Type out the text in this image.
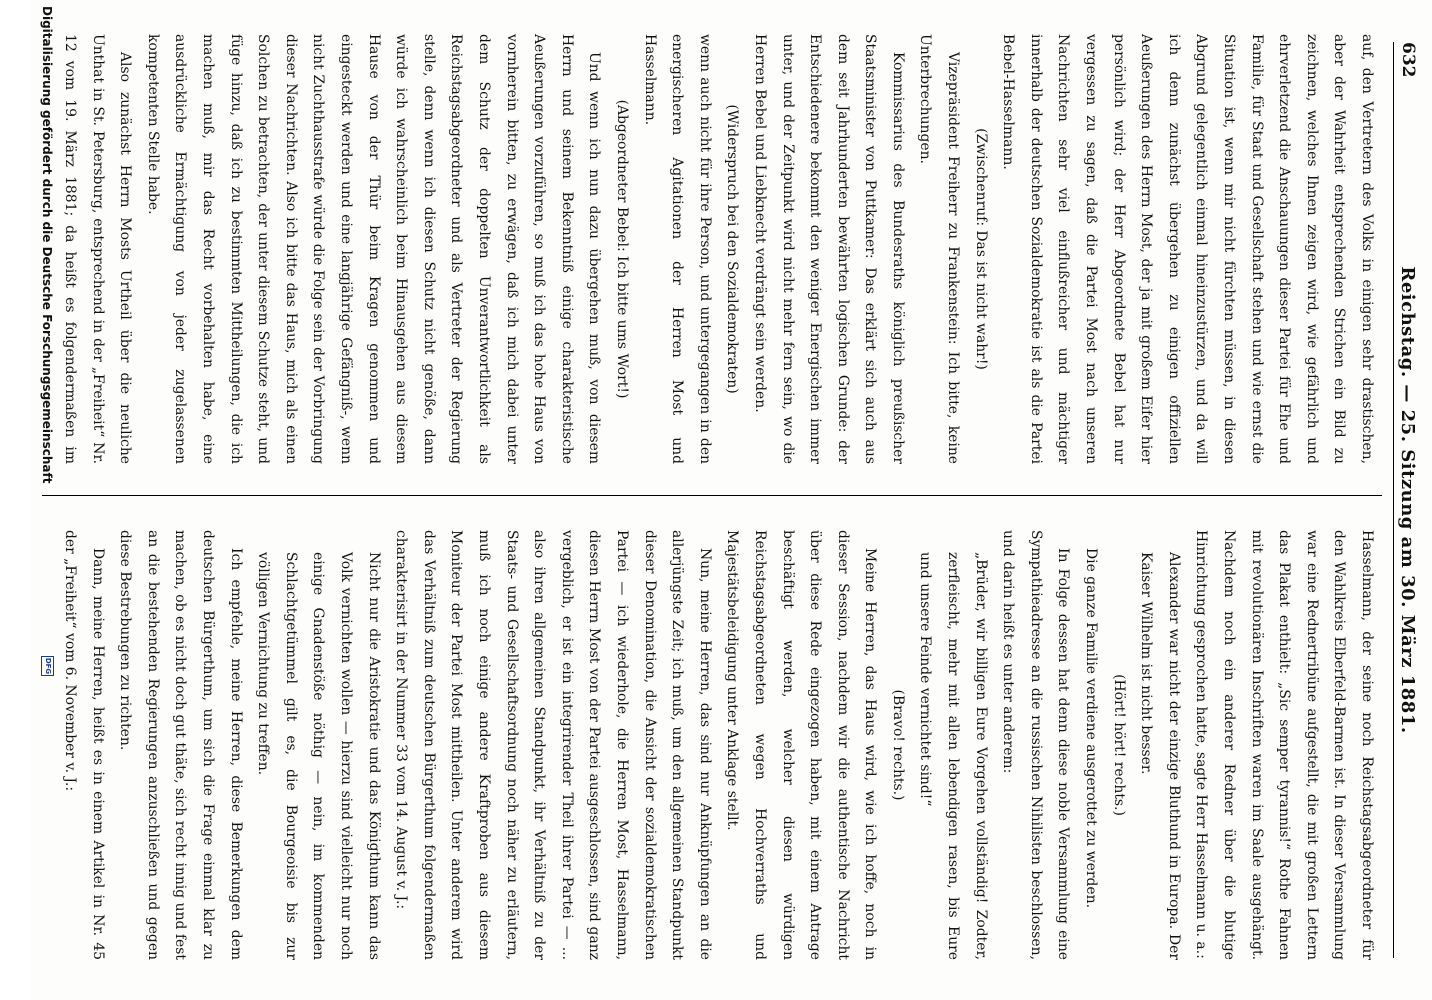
632
Reichstag. — 25. Sitzung am 30. März 1881.

auf, den Vertretern des Volks in einigen sehr drastischen, aber der Wahrheit entsprechenden Strichen ein Bild zu zeichnen, welches Ihnen zeigen wird, wie gefährlich und ehrverletzend die Anschauungen dieser Partei für Ehe und Familie, für Staat und Gesellschaft stehen und wie ernst die Situation ist, wenn mir nicht fürchten müssen, in diesen Abgrund gelegentlich einmal hineinzustürzen, und da will ich denn zunächst übergehen zu einigen offiziellen Aeußerungen des Herrn Most, der ja mit großem Eifer hier persönlich wird; der Herr Abgeordnete Bebel hat nur vergessen zu sagen, daß die Partei Most nach unseren Nachrichten sehr viel einflußreicher und mächtiger innerhalb der deutschen Sozialdemokratie ist als die Partei Bebel-Hasselmann.

(Zwischenruf: Das ist nicht wahr!)

Vizepräsident Freiherr zu Frankenstein: Ich bitte, keine Unterbrechungen.

Kommissarius des Bundesraths königlich preußischer Staatsminister von Puttkamer: Das erklärt sich auch aus dem seit Jahrhunderten bewährten logischen Grunde: der Entschiedenere bekommt den weniger Energischen immer unter, und der Zeitpunkt wird nicht mehr fern sein, wo die Herren Bebel und Liebknecht verdrängt sein werden.

(Widerspruch bei den Sozialdemokraten)

wenn auch nicht für ihre Person, und untergegangen in den energischeren Agitationen der Herren Most und Hasselmann.

(Abgeordneter Bebel: Ich bitte ums Wort!)

Und wenn ich nun dazu übergehen muß, von diesem Herrn und seinem Bekenntniß einige charakteristische Aeußerungen vorzuführen, so muß ich das hohe Haus von vornherein bitten, zu erwägen, daß ich mich dabei unter dem Schutz der doppelten Unverantwortlichkeit als Reichstagsabgeordneter und als Vertreter der Regierung stelle, denn wenn ich diesen Schutz nicht genöße, dann würde ich wahrscheinlich beim Hinausgehen aus diesem Hause von der Thür beim Kragen genommen und eingesteckt werden und eine langjährige Gefängniß-, wenn nicht Zuchthausstrafe würde die Folge sein der Vorbringung dieser Nachrichten. Also ich bitte das Haus, mich als einen Solchen zu betrachten, der unter diesem Schutze steht, und füge hinzu, daß ich zu bestimmten Mittheilungen, die ich machen muß, mir das Recht vorbehalten habe, eine ausdrückliche Ermächtigung von jeder zugelassenen kompetenten Stelle habe.

Also zunächst Herrn Mosts Urtheil über die neuliche Unthat in St. Petersburg, entsprechend in der „Freiheit“ Nr. 12 vom 19. März 1881; da heißt es folgendermaßen im

Hasselmann, der seine noch Reichstagsabgeordneter für den Wahlkreis Elberfeld-Barmen ist. In dieser Versammlung war eine Rednertribüne aufgestellt, die mit großen Lettern das Plakat enthielt: „Sic semper tyrannis!“ Rothe Fahnen mit revolutionären Inschriften waren im Saale ausgehängt. Nachdem noch ein anderer Redner über die blutige Hinrichtung gesprochen hatte, sagte Herr Hasselmann u. a.:

Alexander war nicht der einzige Bluthund in Europa. Der Kaiser Wilhelm ist nicht besser.

(Hört! hört! rechts.)

Die ganze Familie verdiene ausgerottet zu werden.

In Folge dessen hat denn diese noble Versammlung eine Sympathieadresse an die russischen Nihilisten beschlossen, und darin heißt es unter anderem:

„Brüder, wir billigen Eure Vorgehen vollständig! Zodter, zerfleischt, mehr mit allen lebendigen rasen, bis Eure und unsere Feinde vernichtet sind!“

(Bravo! rechts.)

Meine Herren, das Haus wird, wie ich hoffe, noch in dieser Session, nachdem wir die authentische Nachricht über diese Rede eingezogen haben, mit einem Antrage beschäftigt werden, welcher diesen würdigen Reichstagsabgeordneten wegen Hochverraths und Majestätsbeleidigung unter Anklage stellt.

Nun, meine Herren, das sind nur Anknüpfungen an die allerjüngste Zeit; ich muß, um den allgemeinen Standpunkt dieser Denomination, die Ansicht der sozialdemokratischen Partei — ich wiederhole, die Herren Most, Hasselmann, diesen Herrn Most von der Partei ausgeschlossen, sind ganz vergeblich, er ist ein integrirender Theil ihrer Partei — ... also ihren allgemeinen Standpunkt, ihr Verhältniß zu der Staats- und Gesellschaftsordnung noch näher zu erläutern, muß ich noch einige andere Kraftproben aus diesem Moniteur der Partei Most mittheilen. Unter anderem wird das Verhältniß zum deutschen Bürgerthum folgendermaßen charakterisirt in der Nummer 33 vom 14. August v. J.:

Nicht nur die Aristokratie und das Königthum kann das Volk vernichten wollen — hierzu sind vielleicht nur noch einige Gnadenstöße nöthig — nein, im kommenden Schlachtgetümmel gilt es, die Bourgeoisie bis zur völligen Vernichtung zu treffen.

Ich empfehle, meine Herren, diese Bemerkungen dem deutschen Bürgerthum, um sich die Frage einmal klar zu machen, ob es nicht doch gut thäte, sich recht innig und fest an die bestehenden Regierungen anzuschließen und gegen diese Bestrebungen zu richten.

Dann, meine Herren, heißt es in einem Artikel in Nr. 45 der „Freiheit“ vom 6. November v. J.:

Digitalisierung gefördert durch die Deutsche Forschungsgemeinschaft
DFG
